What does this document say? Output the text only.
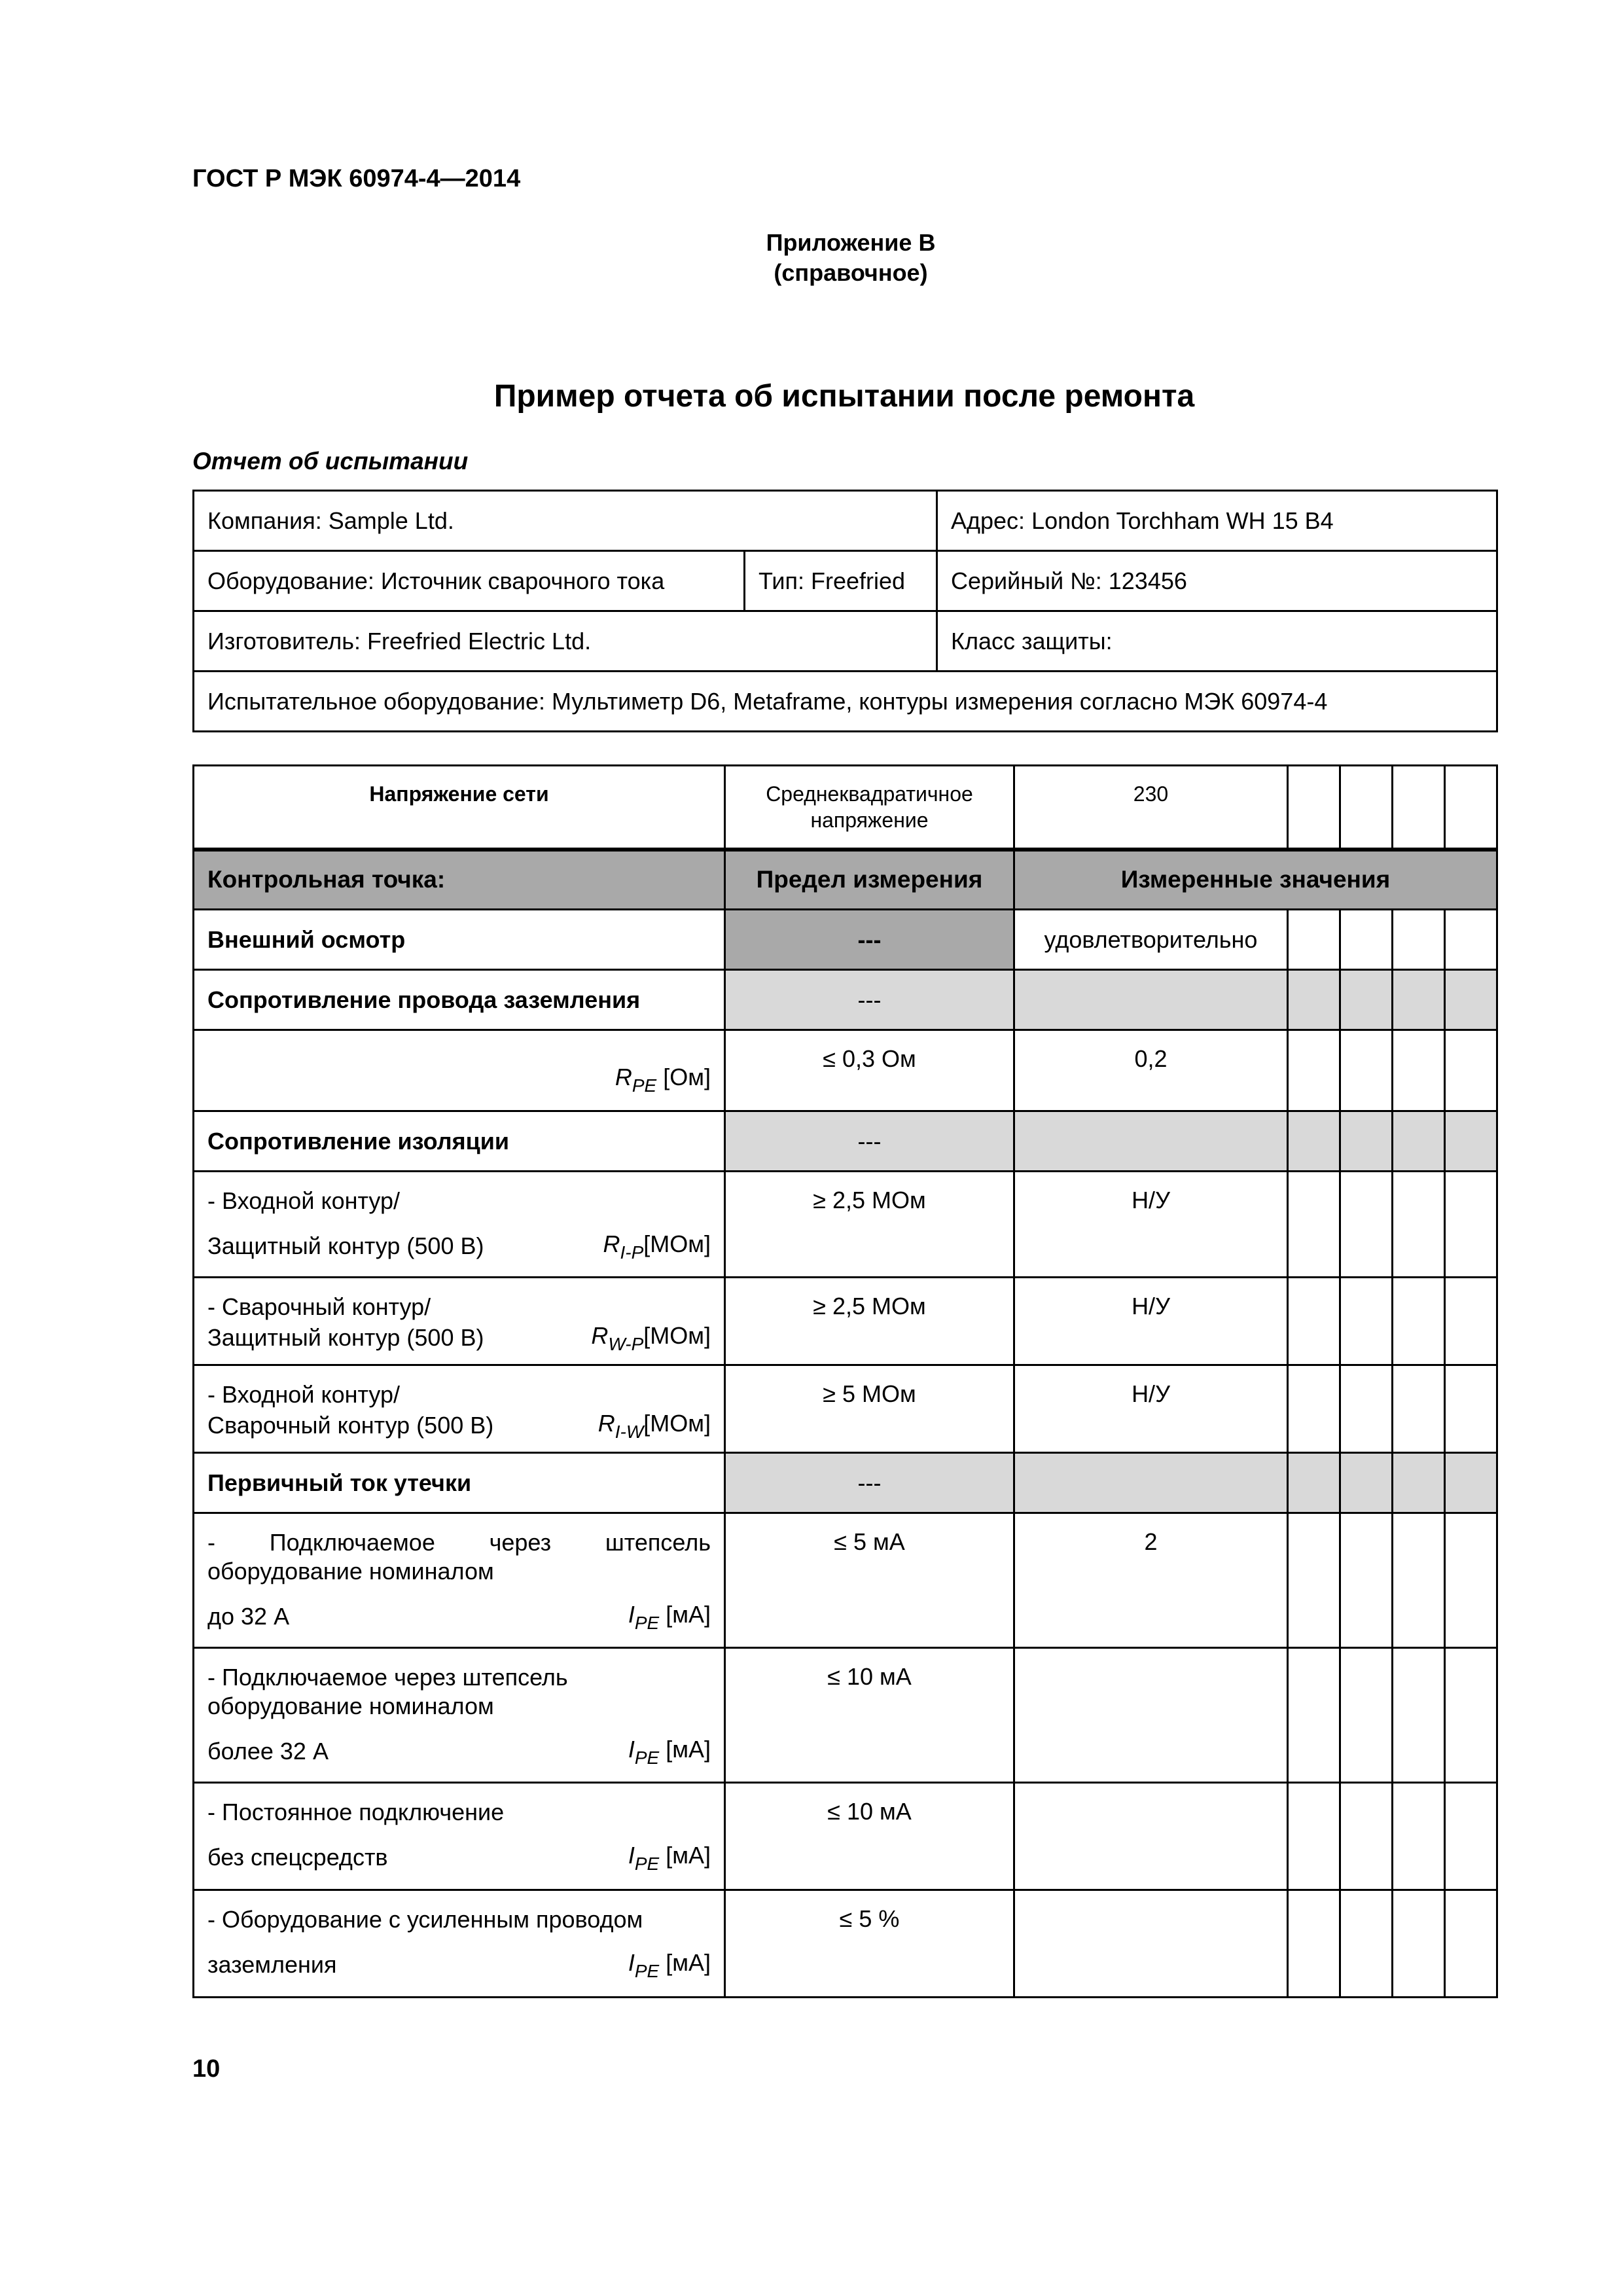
ГОСТ Р МЭК 60974-4—2014
Приложение В
(справочное)
Пример отчета об испытании после ремонта
Отчет об испытании
Компания: Sample Ltd.		Адрес: London Torchham WH 15 B4
Оборудование: Источник сварочного тока	Тип: Freefried	Серийный №: 123456
Изготовитель: Freefried Electric Ltd.		Класс защиты:
Испытательное оборудование: Мультиметр D6, Metaframe, контуры измерения согласно МЭК 60974-4		
Напряжение сети	Среднеквадратичное напряжение	230				
Контрольная точка:	Предел измерения	Измеренные значения				
Внешний осмотр	---	удовлетворительно				
Сопротивление провода заземления	---					

$R_{PE}$ [Ом]	≤ 0,3 Ом	0,2				
Сопротивление изоляции	---					

- Входной контур/
Защитный контур (500 В) $R_{I-P}[МОм]$	≥ 2,5 МОм	Н/У				

- Сварочный контур/
Защитный контур (500 В) $R_{W-P}[МОм]$	≥ 2,5 МОм	Н/У				

- Входной контур/
Сварочный контур (500 В) $R_{I-W}[МОм]$	≥ 5 МОм	Н/У				
Первичный ток утечки	---					

- Подключаемое через штепсель
оборудование номиналом
до 32 А $I_{PE}$ [мА]	≤ 5 мА	2				

- Подключаемое через штепсель
оборудование номиналом
более 32 А $I_{PE}$ [мА]	≤ 10 мА					

- Постоянное подключение
без спецсредств $I_{PE}$ [мА]	≤ 10 мА					

- Оборудование с усиленным проводом
заземления $I_{PE}$ [мА]	≤ 5 %					
10
